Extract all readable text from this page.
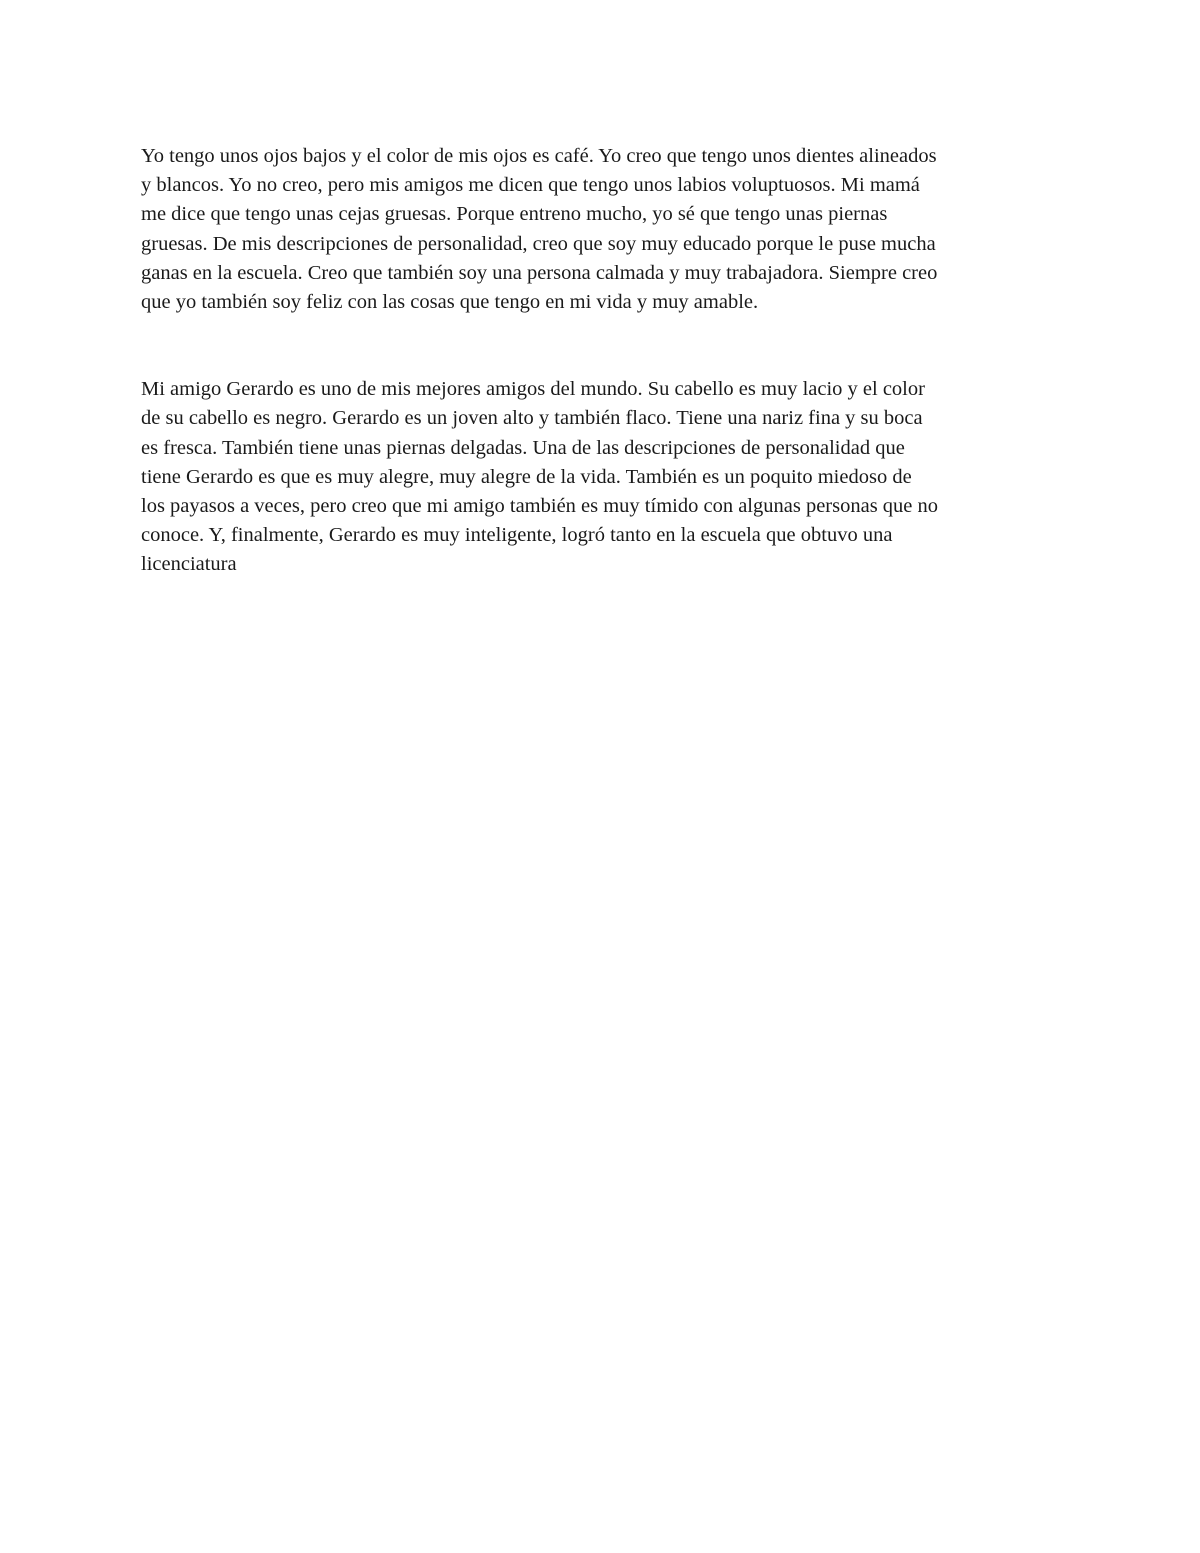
Yo tengo unos ojos bajos y el color de mis ojos es café. Yo creo que tengo unos dientes alineados
y blancos. Yo no creo, pero mis amigos me dicen que tengo unos labios voluptuosos. Mi mamá
me dice que tengo unas cejas gruesas. Porque entreno mucho, yo sé que tengo unas piernas
gruesas. De mis descripciones de personalidad, creo que soy muy educado porque le puse mucha
ganas en la escuela. Creo que también soy una persona calmada y muy trabajadora. Siempre creo
que yo también soy feliz con las cosas que tengo en mi vida y muy amable.

Mi amigo Gerardo es uno de mis mejores amigos del mundo. Su cabello es muy lacio y el color
de su cabello es negro. Gerardo es un joven alto y también flaco. Tiene una nariz fina y su boca
es fresca. También tiene unas piernas delgadas. Una de las descripciones de personalidad que
tiene Gerardo es que es muy alegre, muy alegre de la vida. También es un poquito miedoso de
los payasos a veces, pero creo que mi amigo también es muy tímido con algunas personas que no
conoce. Y, finalmente, Gerardo es muy inteligente, logró tanto en la escuela que obtuvo una
licenciatura
